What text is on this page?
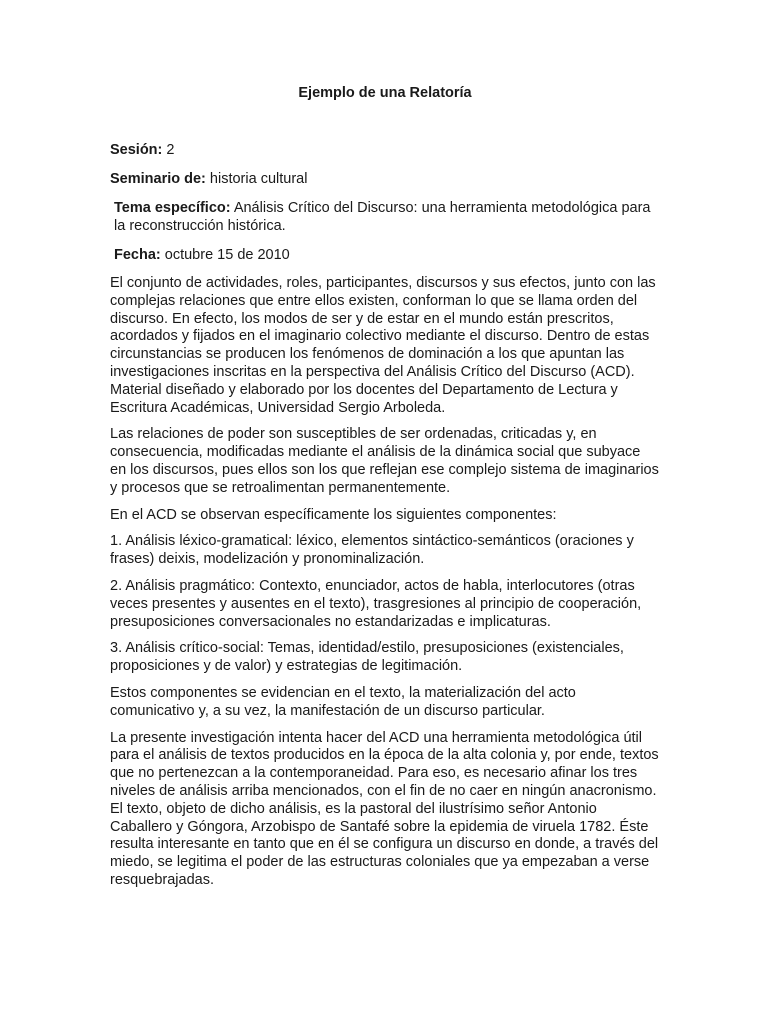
Ejemplo de una Relatoría
Sesión: 2
Seminario de: historia cultural
Tema específico: Análisis Crítico del Discurso: una herramienta metodológica para la reconstrucción histórica.
Fecha: octubre 15 de 2010

El conjunto de actividades, roles, participantes, discursos y sus efectos, junto con las complejas relaciones que entre ellos existen, conforman lo que se llama orden del discurso. En efecto, los modos de ser y de estar en el mundo están prescritos, acordados y fijados en el imaginario colectivo mediante el discurso. Dentro de estas circunstancias se producen los fenómenos de dominación a los que apuntan las investigaciones inscritas en la perspectiva del Análisis Crítico del Discurso (ACD). Material diseñado y elaborado por los docentes del Departamento de Lectura y Escritura Académicas, Universidad Sergio Arboleda.

Las relaciones de poder son susceptibles de ser ordenadas, criticadas y, en consecuencia, modificadas mediante el análisis de la dinámica social que subyace en los discursos, pues ellos son los que reflejan ese complejo sistema de imaginarios y procesos que se retroalimentan permanentemente.

En el ACD se observan específicamente los siguientes componentes:

1. Análisis léxico-gramatical: léxico, elementos sintáctico-semánticos (oraciones y frases) deixis, modelización y pronominalización.

2. Análisis pragmático: Contexto, enunciador, actos de habla, interlocutores (otras veces presentes y ausentes en el texto), trasgresiones al principio de cooperación, presuposiciones conversacionales no estandarizadas e implicaturas.

3. Análisis crítico-social: Temas, identidad/estilo, presuposiciones (existenciales, proposiciones y de valor) y estrategias de legitimación.

Estos componentes se evidencian en el texto, la materialización del acto comunicativo y, a su vez, la manifestación de un discurso particular.

La presente investigación intenta hacer del ACD una herramienta metodológica útil para el análisis de textos producidos en la época de la alta colonia y, por ende, textos que no pertenezcan a la contemporaneidad. Para eso, es necesario afinar los tres niveles de análisis arriba mencionados, con el fin de no caer en ningún anacronismo. El texto, objeto de dicho análisis, es la pastoral del ilustrísimo señor Antonio Caballero y Góngora, Arzobispo de Santafé sobre la epidemia de viruela 1782. Éste resulta interesante en tanto que en él se configura un discurso en donde, a través del miedo, se legitima el poder de las estructuras coloniales que ya empezaban a verse resquebrajadas.
